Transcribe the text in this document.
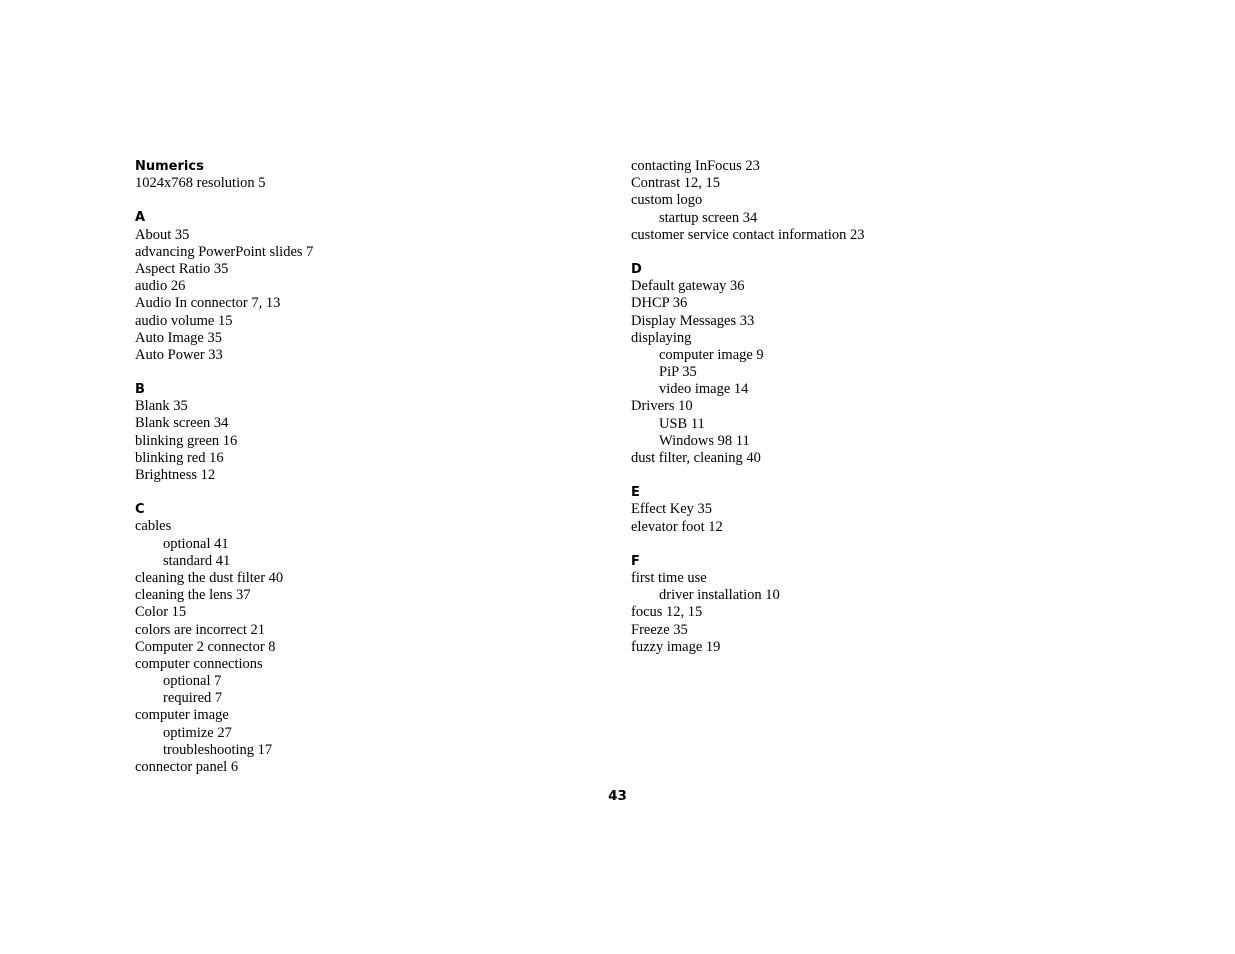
Numerics
1024x768 resolution 5
A
About 35
advancing PowerPoint slides 7
Aspect Ratio 35
audio 26
Audio In connector 7, 13
audio volume 15
Auto Image 35
Auto Power 33
B
Blank 35
Blank screen 34
blinking green 16
blinking red 16
Brightness 12
C
cables
optional 41
standard 41
cleaning the dust filter 40
cleaning the lens 37
Color 15
colors are incorrect 21
Computer 2 connector 8
computer connections
optional 7
required 7
computer image
optimize 27
troubleshooting 17
connector panel 6
contacting InFocus 23
Contrast 12, 15
custom logo
startup screen 34
customer service contact information 23
D
Default gateway 36
DHCP 36
Display Messages 33
displaying
computer image 9
PiP 35
video image 14
Drivers 10
USB 11
Windows 98 11
dust filter, cleaning 40
E
Effect Key 35
elevator foot 12
F
first time use
driver installation 10
focus 12, 15
Freeze 35
fuzzy image 19
43
